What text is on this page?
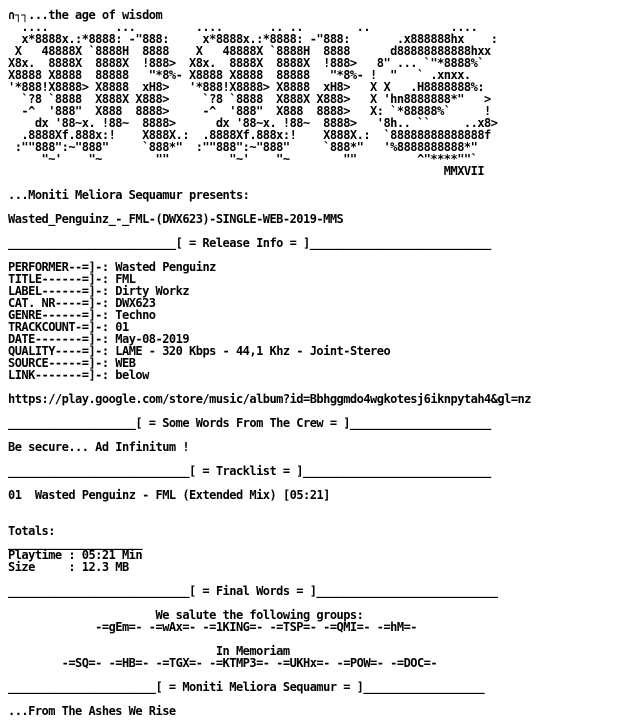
∩┐┐...the age of wisdom
....          ...         ....       .. ..        ..            ....
x*8888x.:*8888: -"888:     x*8888x.:*8888: -"888:       .x888888hx    :
X   48888X `8888H  8888    X   48888X `8888H  8888      d88888888888hxx
X8x.  8888X  8888X  !888>  X8x.  8888X  8888X  !888>   8" ... `"*8888%`
X8888 X8888  88888   "*8%- X8888 X8888  88888   "*8%- !  "   ` .xnxx.
'*888!X8888> X8888  xH8>   '*888!X8888> X8888  xH8>   X X   .H8888888%:
`?8 `8888  X888X X888>     `?8 `8888  X888X X888>   X 'hn8888888*"   >
-^  '888"  X888  8888>     -^  '888"  X888  8888>   X: `*88888%`     !
dx '88~x. !88~  8888>      dx '88~x. !88~  8888>   '8h.. ``     ..x8>
.8888Xf.888x:!    X888X.:  .8888Xf.888x:!    X888X.:  `88888888888888f
:""888":~"888"     `888*"  :""888":~"888"     `888*"   '%8888888888*"
"~'    "~        ""         "~'    "~        ""         ^"****""`
MMXVII
...Moniti Meliora Sequamur presents:
Wasted_Penguinz_-_FML-(DWX623)-SINGLE-WEB-2019-MMS
_________________________[ = Release Info = ]___________________________
PERFORMER--=]-: Wasted Penguinz
TITLE------=]-: FML
LABEL------=]-: Dirty Workz
CAT. NR----=]-: DWX623
GENRE------=]-: Techno
TRACKCOUNT-=]-: 01
DATE-------=]-: May-08-2019
QUALITY----=]-: LAME - 320 Kbps - 44,1 Khz - Joint-Stereo
SOURCE-----=]-: WEB
LINK-------=]-: below
https://play.google.com/store/music/album?id=Bbhggmdo4wgkotesj6iknpytah4&gl=nz
___________________[ = Some Words From The Crew = ]_____________________
Be secure... Ad Infinitum !
___________________________[ = Tracklist = ]____________________________
01 Wasted Penguinz - FML (Extended Mix) [05:21]
Totals:
____________________
Playtime : 05:21 Min
Size     : 12.3 MB
___________________________[ = Final Words = ]___________________________
We salute the following groups:
-=gEm=- -=wAx=- -=1KING=- -=TSP=- -=QMI=- -=hM=-
In Memoriam
-=SQ=- -=HB=- -=TGX=- -=KTMP3=- -=UKHx=- -=POW=- -=DOC=-
______________________[ = Moniti Meliora Sequamur = ]__________________
...From The Ashes We Rise
